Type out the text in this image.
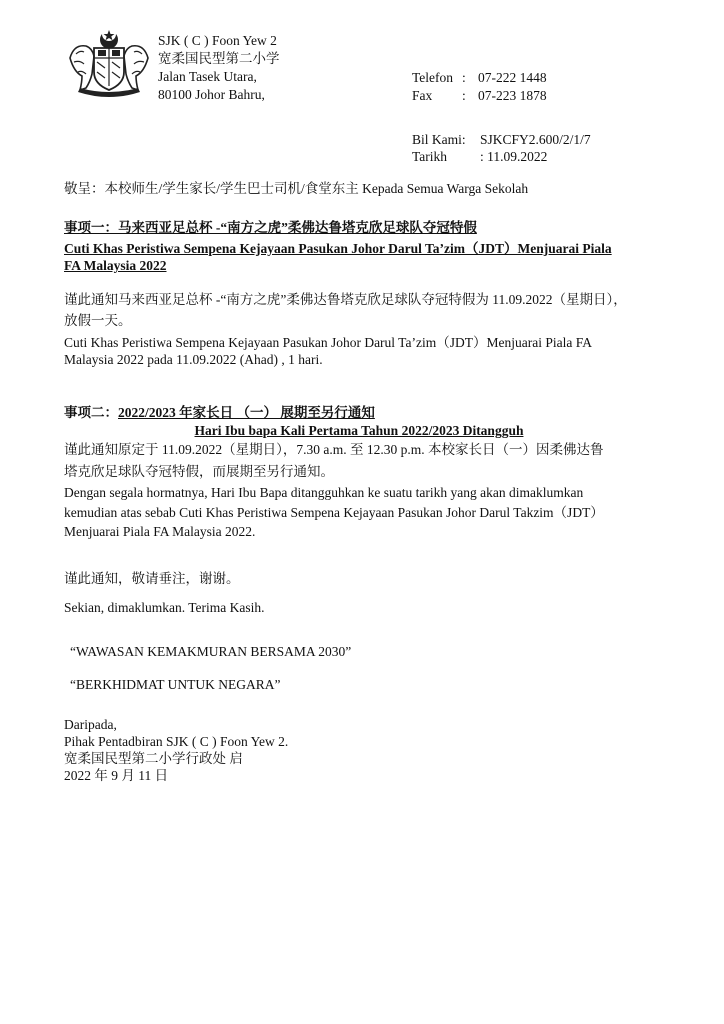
SJK ( C ) Foon Yew 2
宽柔国民型第二小学
Jalan Tasek Utara,
80100 Johor Bahru,
Telefon : 07-222 1448
Fax	: 07-223 1878
Bil Kami:	SJKCFY2.600/2/1/7
Tarikh	: 11.09.2022
敬呈：本校师生/学生家长/学生巴士司机/食堂东主 Kepada Semua Warga Sekolah

事项一：马来西亚足总杯 -“南方之虎”柔佛达鲁塔克欣足球队夺冠特假

Cuti Khas Peristiwa Sempena Kejayaan Pasukan Johor Darul Ta’zim（JDT）Menjuarai Piala

FA Malaysia 2022

谨此通知马来西亚足总杯 -“南方之虎”柔佛达鲁塔克欣足球队夺冠特假为 11.09.2022（星期日），

放假一天。

Cuti Khas Peristiwa Sempena Kejayaan Pasukan Johor Darul Ta’zim（JDT）Menjuarai Piala FA

Malaysia 2022 pada 11.09.2022 (Ahad) , 1 hari.

事项二：2022/2023 年家长日 （一） 展期至另行通知

Hari Ibu bapa Kali Pertama Tahun 2022/2023 Ditangguh

谨此通知原定于 11.09.2022（星期日），7.30 a.m. 至 12.30 p.m. 本校家长日（一）因柔佛达鲁

塔克欣足球队夺冠特假，而展期至另行通知。

Dengan segala hormatnya, Hari Ibu Bapa ditangguhkan ke suatu tarikh yang akan dimaklumkan

kemudian atas sebab Cuti Khas Peristiwa Sempena Kejayaan Pasukan Johor Darul Takzim（JDT）

Menjuarai Piala FA Malaysia 2022.

谨此通知，敬请垂注，谢谢。
Sekian, dimaklumkan. Terima Kasih.
“WAWASAN KEMAKMURAN BERSAMA 2030”
“BERKHIDMAT UNTUK NEGARA”
Daripada,
Pihak Pentadbiran SJK ( C ) Foon Yew 2.
宽柔国民型第二小学行政处 启
2022 年 9 月 11 日
